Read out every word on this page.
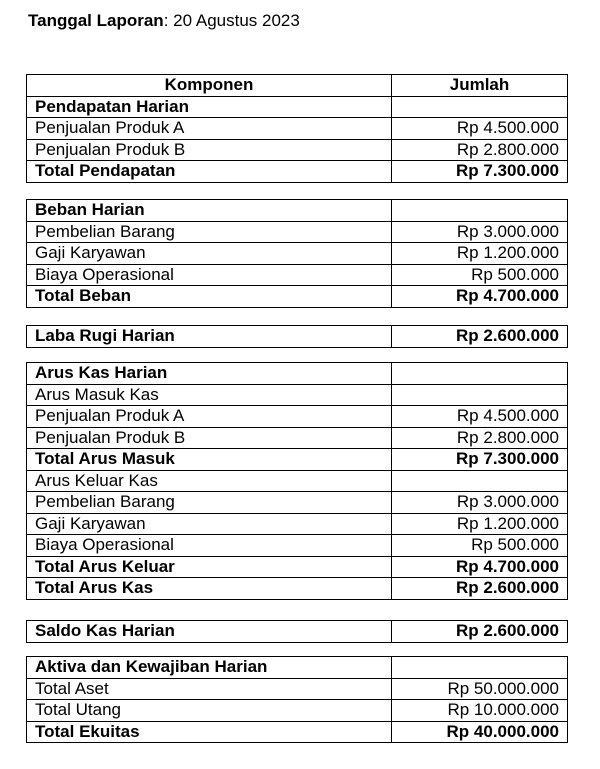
Tanggal Laporan: 20 Agustus 2023
Komponen	Jumlah
Pendapatan Harian	
Penjualan Produk A	Rp 4.500.000
Penjualan Produk B	Rp 2.800.000
Total Pendapatan	Rp 7.300.000
Beban Harian	
Pembelian Barang	Rp 3.000.000
Gaji Karyawan	Rp 1.200.000
Biaya Operasional	Rp 500.000
Total Beban	Rp 4.700.000
Laba Rugi Harian	Rp 2.600.000
Arus Kas Harian	
Arus Masuk Kas	
Penjualan Produk A	Rp 4.500.000
Penjualan Produk B	Rp 2.800.000
Total Arus Masuk	Rp 7.300.000
Arus Keluar Kas	
Pembelian Barang	Rp 3.000.000
Gaji Karyawan	Rp 1.200.000
Biaya Operasional	Rp 500.000
Total Arus Keluar	Rp 4.700.000
Total Arus Kas	Rp 2.600.000
Saldo Kas Harian	Rp 2.600.000
Aktiva dan Kewajiban Harian	
Total Aset	Rp 50.000.000
Total Utang	Rp 10.000.000
Total Ekuitas	Rp 40.000.000
